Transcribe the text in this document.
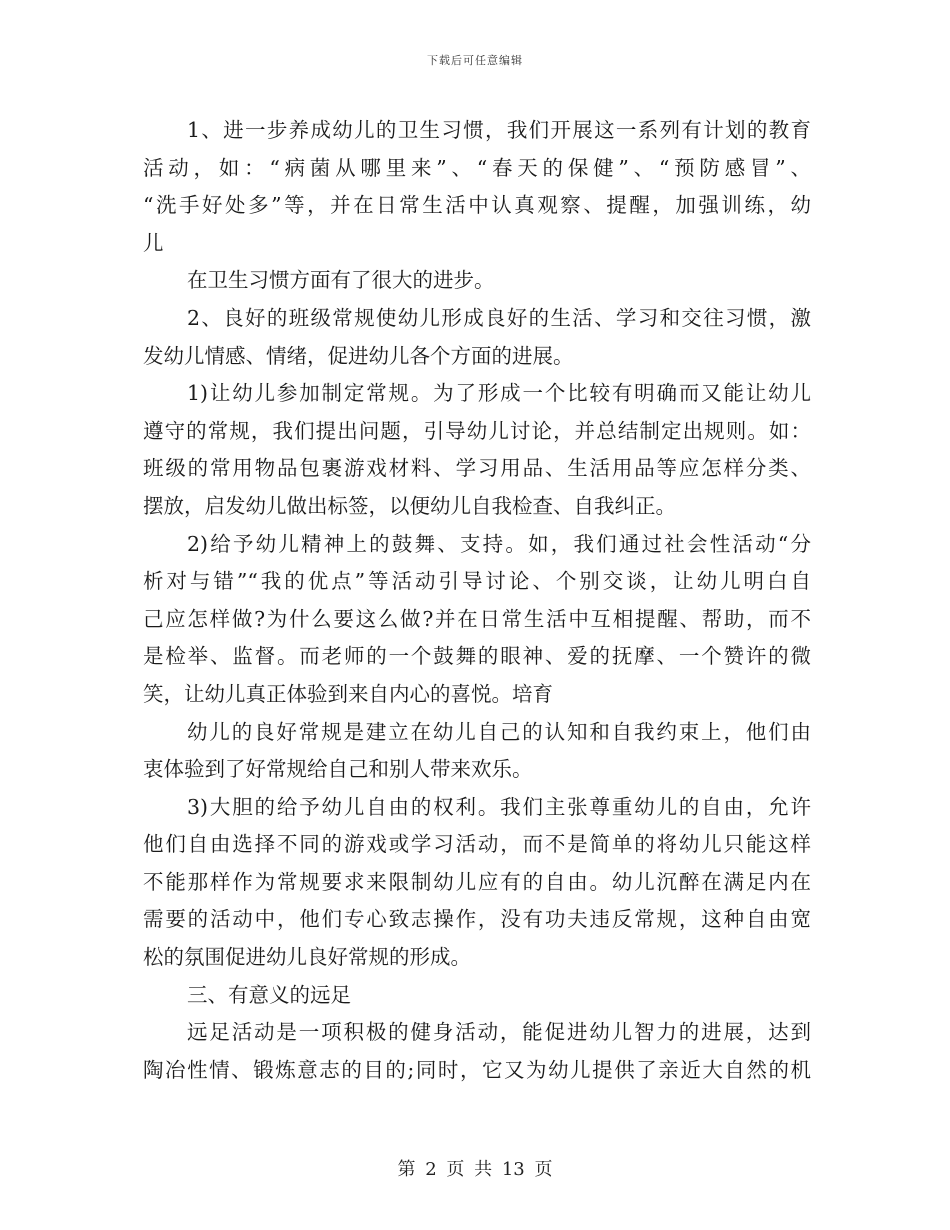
下载后可任意编辑
1、进一步养成幼儿的卫生习惯，我们开展这一系列有计划的教育
活动，如：“病菌从哪里来”、“春天的保健”、“预防感冒”、
“洗手好处多”等，并在日常生活中认真观察、提醒，加强训练，幼
儿
在卫生习惯方面有了很大的进步。
2、良好的班级常规使幼儿形成良好的生活、学习和交往习惯，激
发幼儿情感、情绪，促进幼儿各个方面的进展。
1)让幼儿参加制定常规。为了形成一个比较有明确而又能让幼儿
遵守的常规，我们提出问题，引导幼儿讨论，并总结制定出规则。如：
班级的常用物品包裹游戏材料、学习用品、生活用品等应怎样分类、
摆放，启发幼儿做出标签，以便幼儿自我检查、自我纠正。
2)给予幼儿精神上的鼓舞、支持。如，我们通过社会性活动“分
析对与错”“我的优点”等活动引导讨论、个别交谈，让幼儿明白自
己应怎样做?为什么要这么做?并在日常生活中互相提醒、帮助，而不
是检举、监督。而老师的一个鼓舞的眼神、爱的抚摩、一个赞许的微
笑，让幼儿真正体验到来自内心的喜悦。培育
幼儿的良好常规是建立在幼儿自己的认知和自我约束上，他们由
衷体验到了好常规给自己和别人带来欢乐。
3)大胆的给予幼儿自由的权利。我们主张尊重幼儿的自由，允许
他们自由选择不同的游戏或学习活动，而不是简单的将幼儿只能这样
不能那样作为常规要求来限制幼儿应有的自由。幼儿沉醉在满足内在
需要的活动中，他们专心致志操作，没有功夫违反常规，这种自由宽
松的氛围促进幼儿良好常规的形成。
三、有意义的远足
远足活动是一项积极的健身活动，能促进幼儿智力的进展，达到
陶冶性情、锻炼意志的目的;同时，它又为幼儿提供了亲近大自然的机
第 2 页 共 13 页
